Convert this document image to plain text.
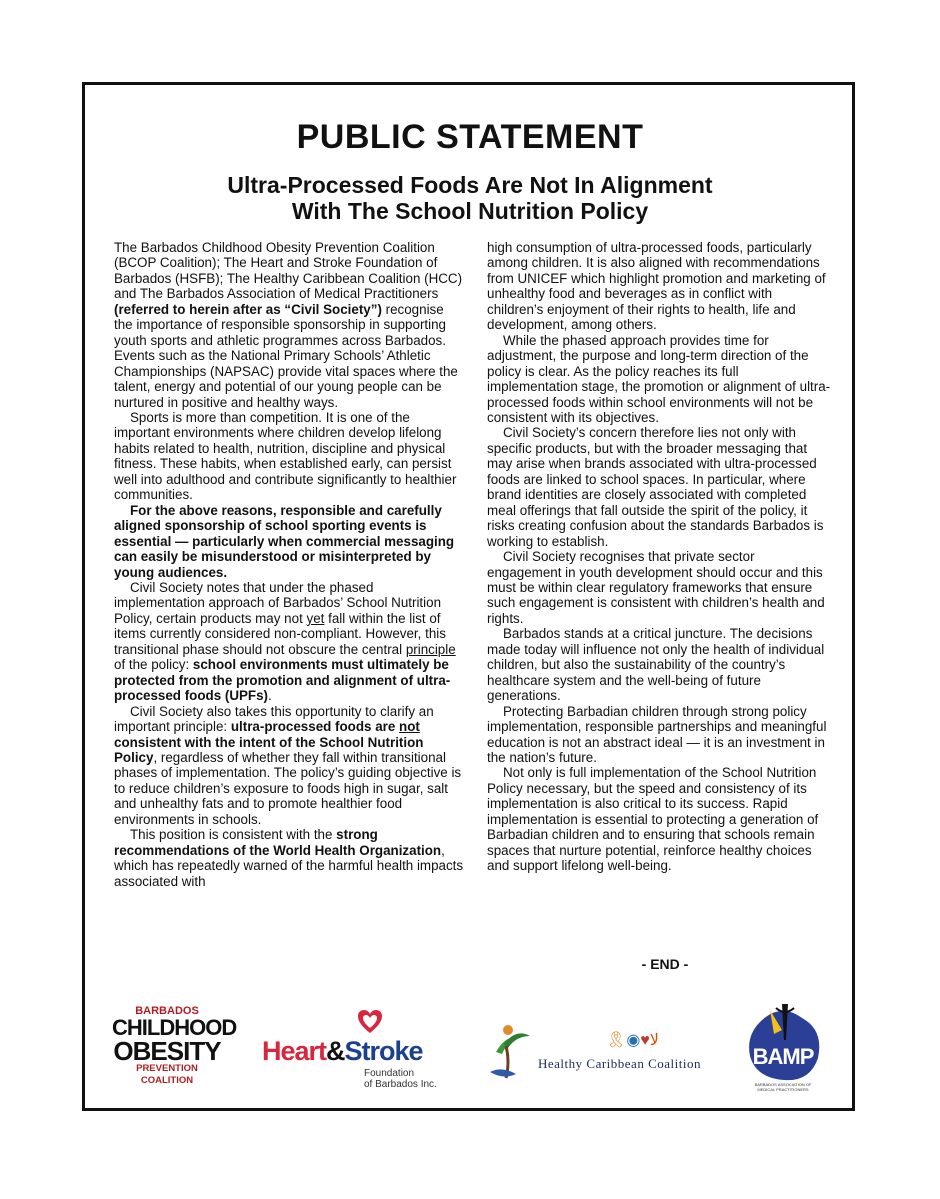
PUBLIC STATEMENT
Ultra-Processed Foods Are Not In Alignment
With The School Nutrition Policy

The Barbados Childhood Obesity Prevention Coalition (BCOP Coalition); The Heart and Stroke Foundation of Barbados (HSFB); The Healthy Caribbean Coalition (HCC) and The Barbados Association of Medical Practitioners (referred to herein after as “Civil Society”) recognise the importance of responsible sponsorship in supporting youth sports and athletic programmes across Barbados. Events such as the National Primary Schools’ Athletic Championships (NAPSAC) provide vital spaces where the talent, energy and potential of our young people can be nurtured in positive and healthy ways.

Sports is more than competition. It is one of the important environments where children develop lifelong habits related to health, nutrition, discipline and physical fitness. These habits, when established early, can persist well into adulthood and contribute significantly to healthier communities.

For the above reasons, responsible and carefully aligned sponsorship of school sporting events is essential — particularly when commercial messaging can easily be misunderstood or misinterpreted by young audiences.

Civil Society notes that under the phased implementation approach of Barbados’ School Nutrition Policy, certain products may not yet fall within the list of items currently considered non-compliant. However, this transitional phase should not obscure the central principle of the policy: school environments must ultimately be protected from the promotion and alignment of ultra-processed foods (UPFs).

Civil Society also takes this opportunity to clarify an important principle: ultra-processed foods are not consistent with the intent of the School Nutrition Policy, regardless of whether they fall within transitional phases of implementation. The policy’s guiding objective is to reduce children’s exposure to foods high in sugar, salt and unhealthy fats and to promote healthier food environments in schools.

This position is consistent with the strong recommendations of the World Health Organization, which has repeatedly warned of the harmful health impacts associated with

high consumption of ultra-processed foods, particularly among children. It is also aligned with recommendations from UNICEF which highlight promotion and marketing of unhealthy food and beverages as in conflict with children’s enjoyment of their rights to health, life and development, among others.

While the phased approach provides time for adjustment, the purpose and long-term direction of the policy is clear. As the policy reaches its full implementation stage, the promotion or alignment of ultra-processed foods within school environments will not be consistent with its objectives.

Civil Society’s concern therefore lies not only with specific products, but with the broader messaging that may arise when brands associated with ultra-processed foods are linked to school spaces. In particular, where brand identities are closely associated with completed meal offerings that fall outside the spirit of the policy, it risks creating confusion about the standards Barbados is working to establish.

Civil Society recognises that private sector engagement in youth development should occur and this must be within clear regulatory frameworks that ensure such engagement is consistent with children’s health and rights.

Barbados stands at a critical juncture. The decisions made today will influence not only the health of individual children, but also the sustainability of the country’s healthcare system and the well-being of future generations.

Protecting Barbadian children through strong policy implementation, responsible partnerships and meaningful education is not an abstract ideal — it is an investment in the nation’s future.

Not only is full implementation of the School Nutrition Policy necessary, but the speed and consistency of its implementation is also critical to its success. Rapid implementation is essential to protecting a generation of Barbadian children and to ensuring that schools remain spaces that nurture potential, reinforce healthy choices and support lifelong well-being.

- END -
BARBADOS
CHILDHOOD
OBESITY
PREVENTION COALITION
Heart&Stroke
Foundation
of Barbados Inc.
🎗◉♥ﻻ
Healthy Caribbean Coalition	BAMP
BARBADOS ASSOCIATION OF MEDICAL PRACTITIONERS
